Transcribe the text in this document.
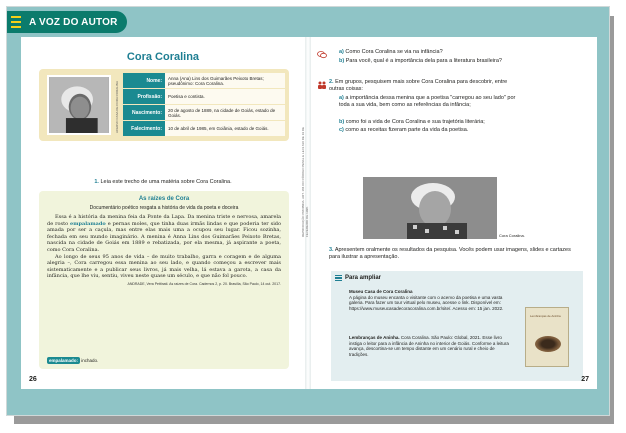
A VOZ DO AUTOR
Cora Coralina
ACERVO CASA DE CORA CORALINA
Nome:	Anna (Ana) Lins dos Guimarães Peixoto Bretas; pseudônimo: Cora Coralina.
Profissão:	Poetisa e contista.
Nascimento:	20 de agosto de 1889, na cidade de Goiás, estado de Goiás.
Falecimento:	10 de abril de 1985, em Goiânia, estado de Goiás.
1. Leia este trecho de uma matéria sobre Cora Coralina.
As raízes de Cora
Documentário poético resgata a história de vida da poeta e doceira

Essa é a história da menina feia da Ponte da Lapa. Da menina triste e nervosa, amarela de rosto empalamado e pernas moles, que tinha duas irmãs lindas e que poderia ter sido amada por ser a caçula, mas entre elas mais uma a ocupou seu lugar. Ficou sozinha, fechada em seu mundo imaginário. A menina é Anna Lins dos Guimarães Peixoto Bretas, nascida na cidade de Goiás em 1889 e rebatizada, por ela mesma, já aspirante a poeta, como Cora Coralina.

Ao longo de seus 95 anos de vida – de muito trabalho, garra e coragem e de alguma alegria –, Cora carregou essa menina ao seu lado, e quando começou a escrever mais sistematicamente e a publicar seus livros, já mais velha, lá estava a garota, a casa da infância, que lhe viu, sentiu, viveu neste quase um século, e que não fol pouco.

ANDRADE, Vera Pettinati. As raízes de Cora. Cadernos 2, p. 20. Brasília, São Paulo, 14 out. 2017.
empalamado: inchado.
26
REPRODUÇÃO PROIBIDA. ART. 184 DO CÓDIGO PENAL E LEI 9.610 DE 19 DE FEVEREIRO DE 1998.
a) Como Cora Coralina se via na infância?
b) Para você, qual é a importância dela para a literatura brasileira?
2. Em grupos, pesquisem mais sobre Cora Coralina para descobrir, entre outras coisas:
a) a importância dessa menina que a poetisa "carregou ao seu lado" por toda a sua vida, bem como as referências da infância;
b) como foi a vida de Cora Coralina e sua trajetória literária;
c) como as receitas fizeram parte da vida da poetisa.
Cora Coralina.
3. Apresentem oralmente os resultados da pesquisa. Vocês podem usar imagens, slides e cartazes para ilustrar a apresentação.
Para ampliar
Museu Casa de Cora Coralina
A página do museu encanta o visitante com o acervo da poetisa e uma vasta galeria. Para fazer um tour virtual pelo museu, acesse o link. Disponível em: https://www.museucasadecoracoralina.com.br/site/. Acesso em: 15 jan. 2022.
Lembranças de Aninha. Cora Coralina. São Paulo: Global, 2021. Esse livro instiga o leitor para a infância de Aninha no interior de Goiás. Conforme a leitura avança, descortina-se um tempo distante em um cenário rural e cheio de tradições.
Lembranças de Aninha
27
